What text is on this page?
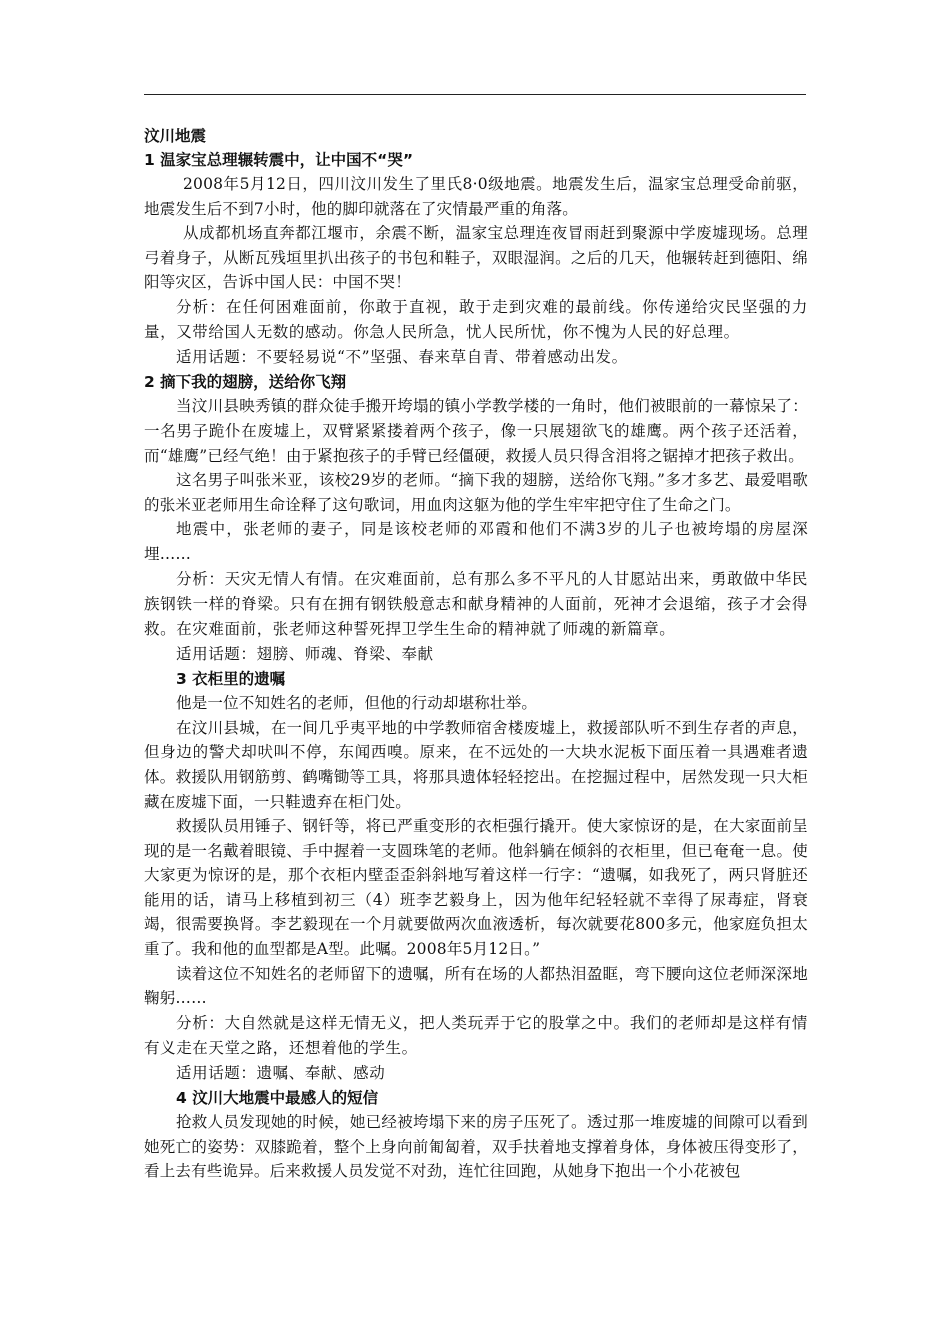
汶川地震
1 温家宝总理辗转震中，让中国不“哭”

2008年5月12日，四川汶川发生了里氏8·0级地震。地震发生后，温家宝总理受命前驱，地震发生后不到7小时，他的脚印就落在了灾情最严重的角落。

从成都机场直奔都江堰市，余震不断，温家宝总理连夜冒雨赶到聚源中学废墟现场。总理弓着身子，从断瓦残垣里扒出孩子的书包和鞋子，双眼湿润。之后的几天，他辗转赶到德阳、绵阳等灾区，告诉中国人民：中国不哭！

分析：在任何困难面前，你敢于直视，敢于走到灾难的最前线。你传递给灾民坚强的力量，又带给国人无数的感动。你急人民所急，忧人民所忧，你不愧为人民的好总理。

适用话题：不要轻易说“不”坚强、春来草自青、带着感动出发。

2 摘下我的翅膀，送给你飞翔

当汶川县映秀镇的群众徒手搬开垮塌的镇小学教学楼的一角时，他们被眼前的一幕惊呆了：一名男子跪仆在废墟上，双臂紧紧搂着两个孩子，像一只展翅欲飞的雄鹰。两个孩子还活着，而“雄鹰”已经气绝！由于紧抱孩子的手臂已经僵硬，救援人员只得含泪将之锯掉才把孩子救出。

这名男子叫张米亚，该校29岁的老师。“摘下我的翅膀，送给你飞翔。”多才多艺、最爱唱歌的张米亚老师用生命诠释了这句歌词，用血肉这躯为他的学生牢牢把守住了生命之门。

地震中，张老师的妻子，同是该校老师的邓霞和他们不满3岁的儿子也被垮塌的房屋深埋……

分析：天灾无情人有情。在灾难面前，总有那么多不平凡的人甘愿站出来，勇敢做中华民族钢铁一样的脊梁。只有在拥有钢铁般意志和献身精神的人面前，死神才会退缩，孩子才会得救。在灾难面前，张老师这种誓死捍卫学生生命的精神就了师魂的新篇章。

适用话题：翅膀、师魂、脊梁、奉献

3 衣柜里的遗嘱

他是一位不知姓名的老师，但他的行动却堪称壮举。

在汶川县城，在一间几乎夷平地的中学教师宿舍楼废墟上，救援部队听不到生存者的声息，但身边的警犬却吠叫不停，东闻西嗅。原来，在不远处的一大块水泥板下面压着一具遇难者遗体。救援队用钢筋剪、鹤嘴锄等工具，将那具遗体轻轻挖出。在挖掘过程中，居然发现一只大柜藏在废墟下面，一只鞋遗弃在柜门处。

救援队员用锤子、钢钎等，将已严重变形的衣柜强行撬开。使大家惊讶的是，在大家面前呈现的是一名戴着眼镜、手中握着一支圆珠笔的老师。他斜躺在倾斜的衣柜里，但已奄奄一息。使大家更为惊讶的是，那个衣柜内壁歪歪斜斜地写着这样一行字：“遗嘱，如我死了，两只肾脏还能用的话，请马上移植到初三（4）班李艺毅身上，因为他年纪轻轻就不幸得了尿毒症，肾衰竭，很需要换肾。李艺毅现在一个月就要做两次血液透析，每次就要花800多元，他家庭负担太重了。我和他的血型都是A型。此嘱。2008年5月12日。”

读着这位不知姓名的老师留下的遗嘱，所有在场的人都热泪盈眶，弯下腰向这位老师深深地鞠躬……

分析：大自然就是这样无情无义，把人类玩弄于它的股掌之中。我们的老师却是这样有情有义走在天堂之路，还想着他的学生。

适用话题：遗嘱、奉献、感动

4 汶川大地震中最感人的短信

抢救人员发现她的时候，她已经被垮塌下来的房子压死了。透过那一堆废墟的间隙可以看到她死亡的姿势：双膝跪着，整个上身向前匍匐着，双手扶着地支撑着身体，身体被压得变形了，看上去有些诡异。后来救援人员发觉不对劲，连忙往回跑，从她身下抱出一个小花被包
